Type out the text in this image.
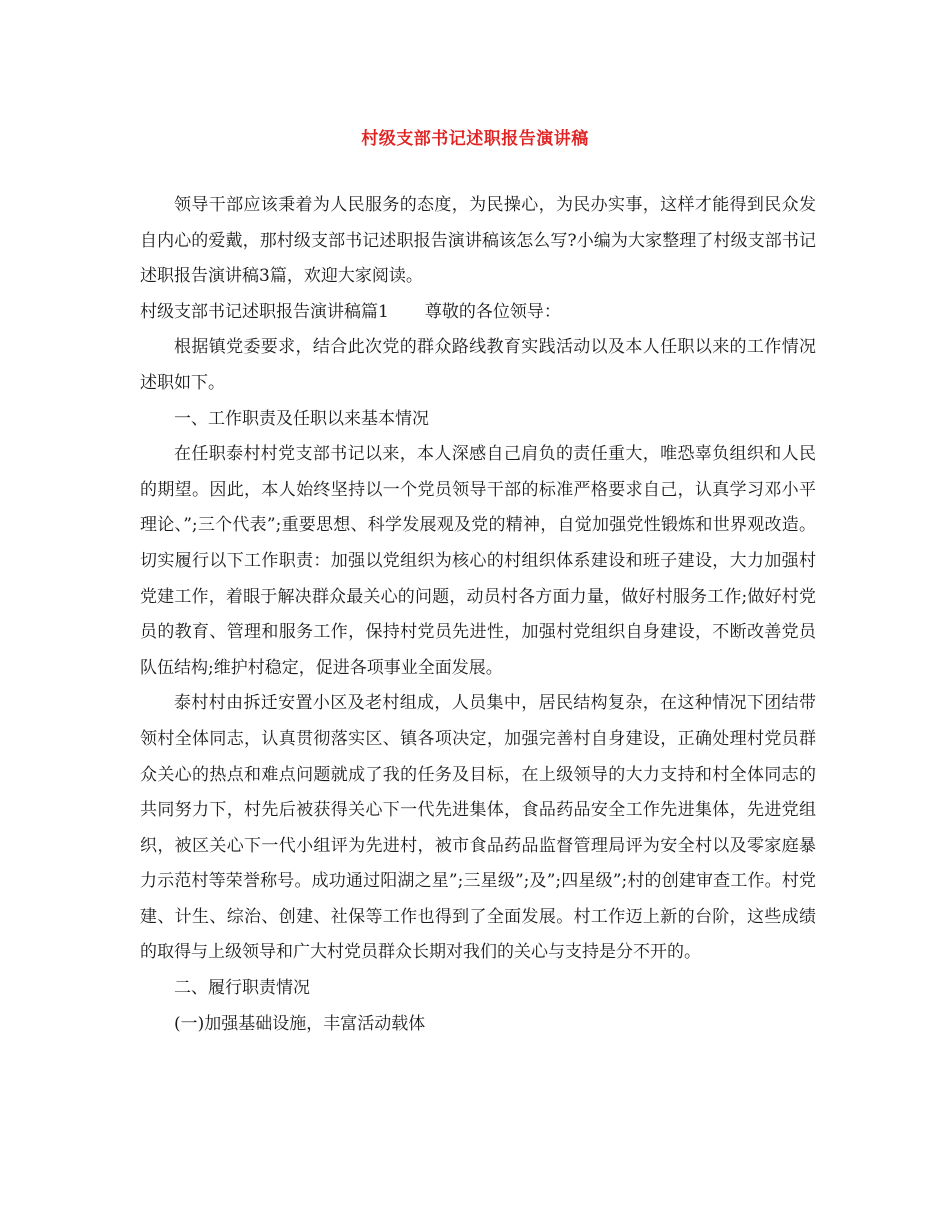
村级支部书记述职报告演讲稿

领导干部应该秉着为人民服务的态度，为民操心，为民办实事，这样才能得到民众发自内心的爱戴，那村级支部书记述职报告演讲稿该怎么写?小编为大家整理了村级支部书记述职报告演讲稿3篇，欢迎大家阅读。

村级支部书记述职报告演讲稿篇1 尊敬的各位领导：

根据镇党委要求，结合此次党的群众路线教育实践活动以及本人任职以来的工作情况述职如下。

一、工作职责及任职以来基本情况

在任职泰村村党支部书记以来，本人深感自己肩负的责任重大，唯恐辜负组织和人民的期望。因此，本人始终坚持以一个党员领导干部的标准严格要求自己，认真学习邓小平理论、”;三个代表”;重要思想、科学发展观及党的精神，自觉加强党性锻炼和世界观改造。切实履行以下工作职责：加强以党组织为核心的村组织体系建设和班子建设，大力加强村党建工作，着眼于解决群众最关心的问题，动员村各方面力量，做好村服务工作;做好村党员的教育、管理和服务工作，保持村党员先进性，加强村党组织自身建设，不断改善党员队伍结构;维护村稳定，促进各项事业全面发展。

泰村村由拆迁安置小区及老村组成，人员集中，居民结构复杂，在这种情况下团结带领村全体同志，认真贯彻落实区、镇各项决定，加强完善村自身建设，正确处理村党员群众关心的热点和难点问题就成了我的任务及目标，在上级领导的大力支持和村全体同志的共同努力下，村先后被获得关心下一代先进集体，食品药品安全工作先进集体，先进党组织，被区关心下一代小组评为先进村，被市食品药品监督管理局评为安全村以及零家庭暴力示范村等荣誉称号。成功通过阳湖之星”;三星级”;及”;四星级”;村的创建审查工作。村党建、计生、综治、创建、社保等工作也得到了全面发展。村工作迈上新的台阶，这些成绩的取得与上级领导和广大村党员群众长期对我们的关心与支持是分不开的。

二、履行职责情况

(一)加强基础设施，丰富活动载体
